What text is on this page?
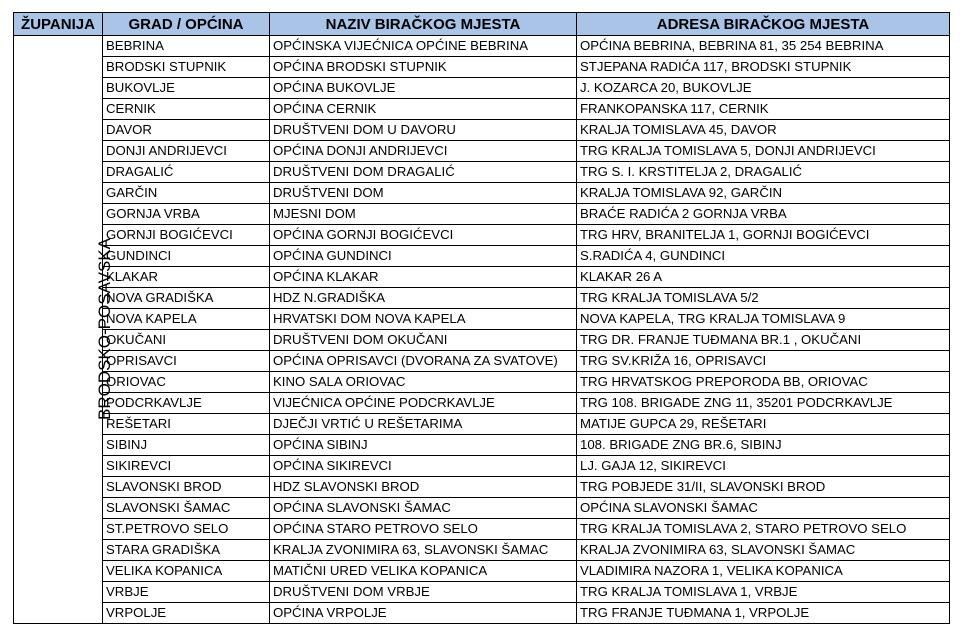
ŽUPANIJA	GRAD / OPĆINA	NAZIV BIRAČKOG MJESTA	ADRESA BIRAČKOG MJESTA
BRODSKO-POSAVSKA	BEBRINA	OPĆINSKA VIJEĆNICA OPĆINE BEBRINA	OPĆINA BEBRINA, BEBRINA 81, 35 254 BEBRINA
	BRODSKI STUPNIK	OPĆINA BRODSKI STUPNIK	STJEPANA RADIĆA 117, BRODSKI STUPNIK
	BUKOVLJE	OPĆINA BUKOVLJE	J. KOZARCA 20, BUKOVLJE
	CERNIK	OPĆINA CERNIK	FRANKOPANSKA 117, CERNIK
	DAVOR	DRUŠTVENI DOM U DAVORU	KRALJA TOMISLAVA 45, DAVOR
	DONJI ANDRIJEVCI	OPĆINA DONJI ANDRIJEVCI	TRG KRALJA TOMISLAVA 5, DONJI ANDRIJEVCI
	DRAGALIĆ	DRUŠTVENI DOM DRAGALIĆ	TRG S. I. KRSTITELJA 2, DRAGALIĆ
	GARČIN	DRUŠTVENI DOM	KRALJA TOMISLAVA 92, GARČIN
	GORNJA VRBA	MJESNI DOM	BRAĆE RADIĆA 2 GORNJA VRBA
	GORNJI BOGIĆEVCI	OPĆINA GORNJI BOGIĆEVCI	TRG HRV, BRANITELJA 1, GORNJI BOGIĆEVCI
	GUNDINCI	OPĆINA GUNDINCI	S.RADIĆA 4, GUNDINCI
	KLAKAR	OPĆINA KLAKAR	KLAKAR 26 A
	NOVA GRADIŠKA	HDZ N.GRADIŠKA	TRG KRALJA TOMISLAVA 5/2
	NOVA KAPELA	HRVATSKI DOM NOVA KAPELA	NOVA KAPELA, TRG KRALJA TOMISLAVA 9
	OKUČANI	DRUŠTVENI DOM OKUČANI	TRG DR. FRANJE TUĐMANA BR.1 , OKUČANI
	OPRISAVCI	OPĆINA OPRISAVCI (DVORANA ZA SVATOVE)	TRG SV.KRIŽA 16, OPRISAVCI
	ORIOVAC	KINO SALA ORIOVAC	TRG HRVATSKOG PREPORODA BB, ORIOVAC
	PODCRKAVLJE	VIJEĆNICA OPĆINE PODCRKAVLJE	TRG 108. BRIGADE ZNG 11, 35201 PODCRKAVLJE
	REŠETARI	DJEČJI VRTIĆ U REŠETARIMA	MATIJE GUPCA 29, REŠETARI
	SIBINJ	OPĆINA SIBINJ	108. BRIGADE ZNG BR.6, SIBINJ
	SIKIREVCI	OPĆINA SIKIREVCI	LJ. GAJA 12, SIKIREVCI
	SLAVONSKI BROD	HDZ SLAVONSKI BROD	TRG POBJEDE 31/II, SLAVONSKI BROD
	SLAVONSKI ŠAMAC	OPĆINA SLAVONSKI ŠAMAC	OPĆINA SLAVONSKI ŠAMAC
	ST.PETROVO SELO	OPĆINA STARO PETROVO SELO	TRG KRALJA TOMISLAVA 2, STARO PETROVO SELO
	STARA GRADIŠKA	KRALJA ZVONIMIRA 63, SLAVONSKI ŠAMAC	KRALJA ZVONIMIRA 63, SLAVONSKI ŠAMAC
	VELIKA KOPANICA	MATIČNI URED VELIKA KOPANICA	VLADIMIRA NAZORA 1, VELIKA KOPANICA
	VRBJE	DRUŠTVENI DOM VRBJE	TRG KRALJA TOMISLAVA 1, VRBJE
	VRPOLJE	OPĆINA VRPOLJE	TRG FRANJE TUĐMANA 1, VRPOLJE
